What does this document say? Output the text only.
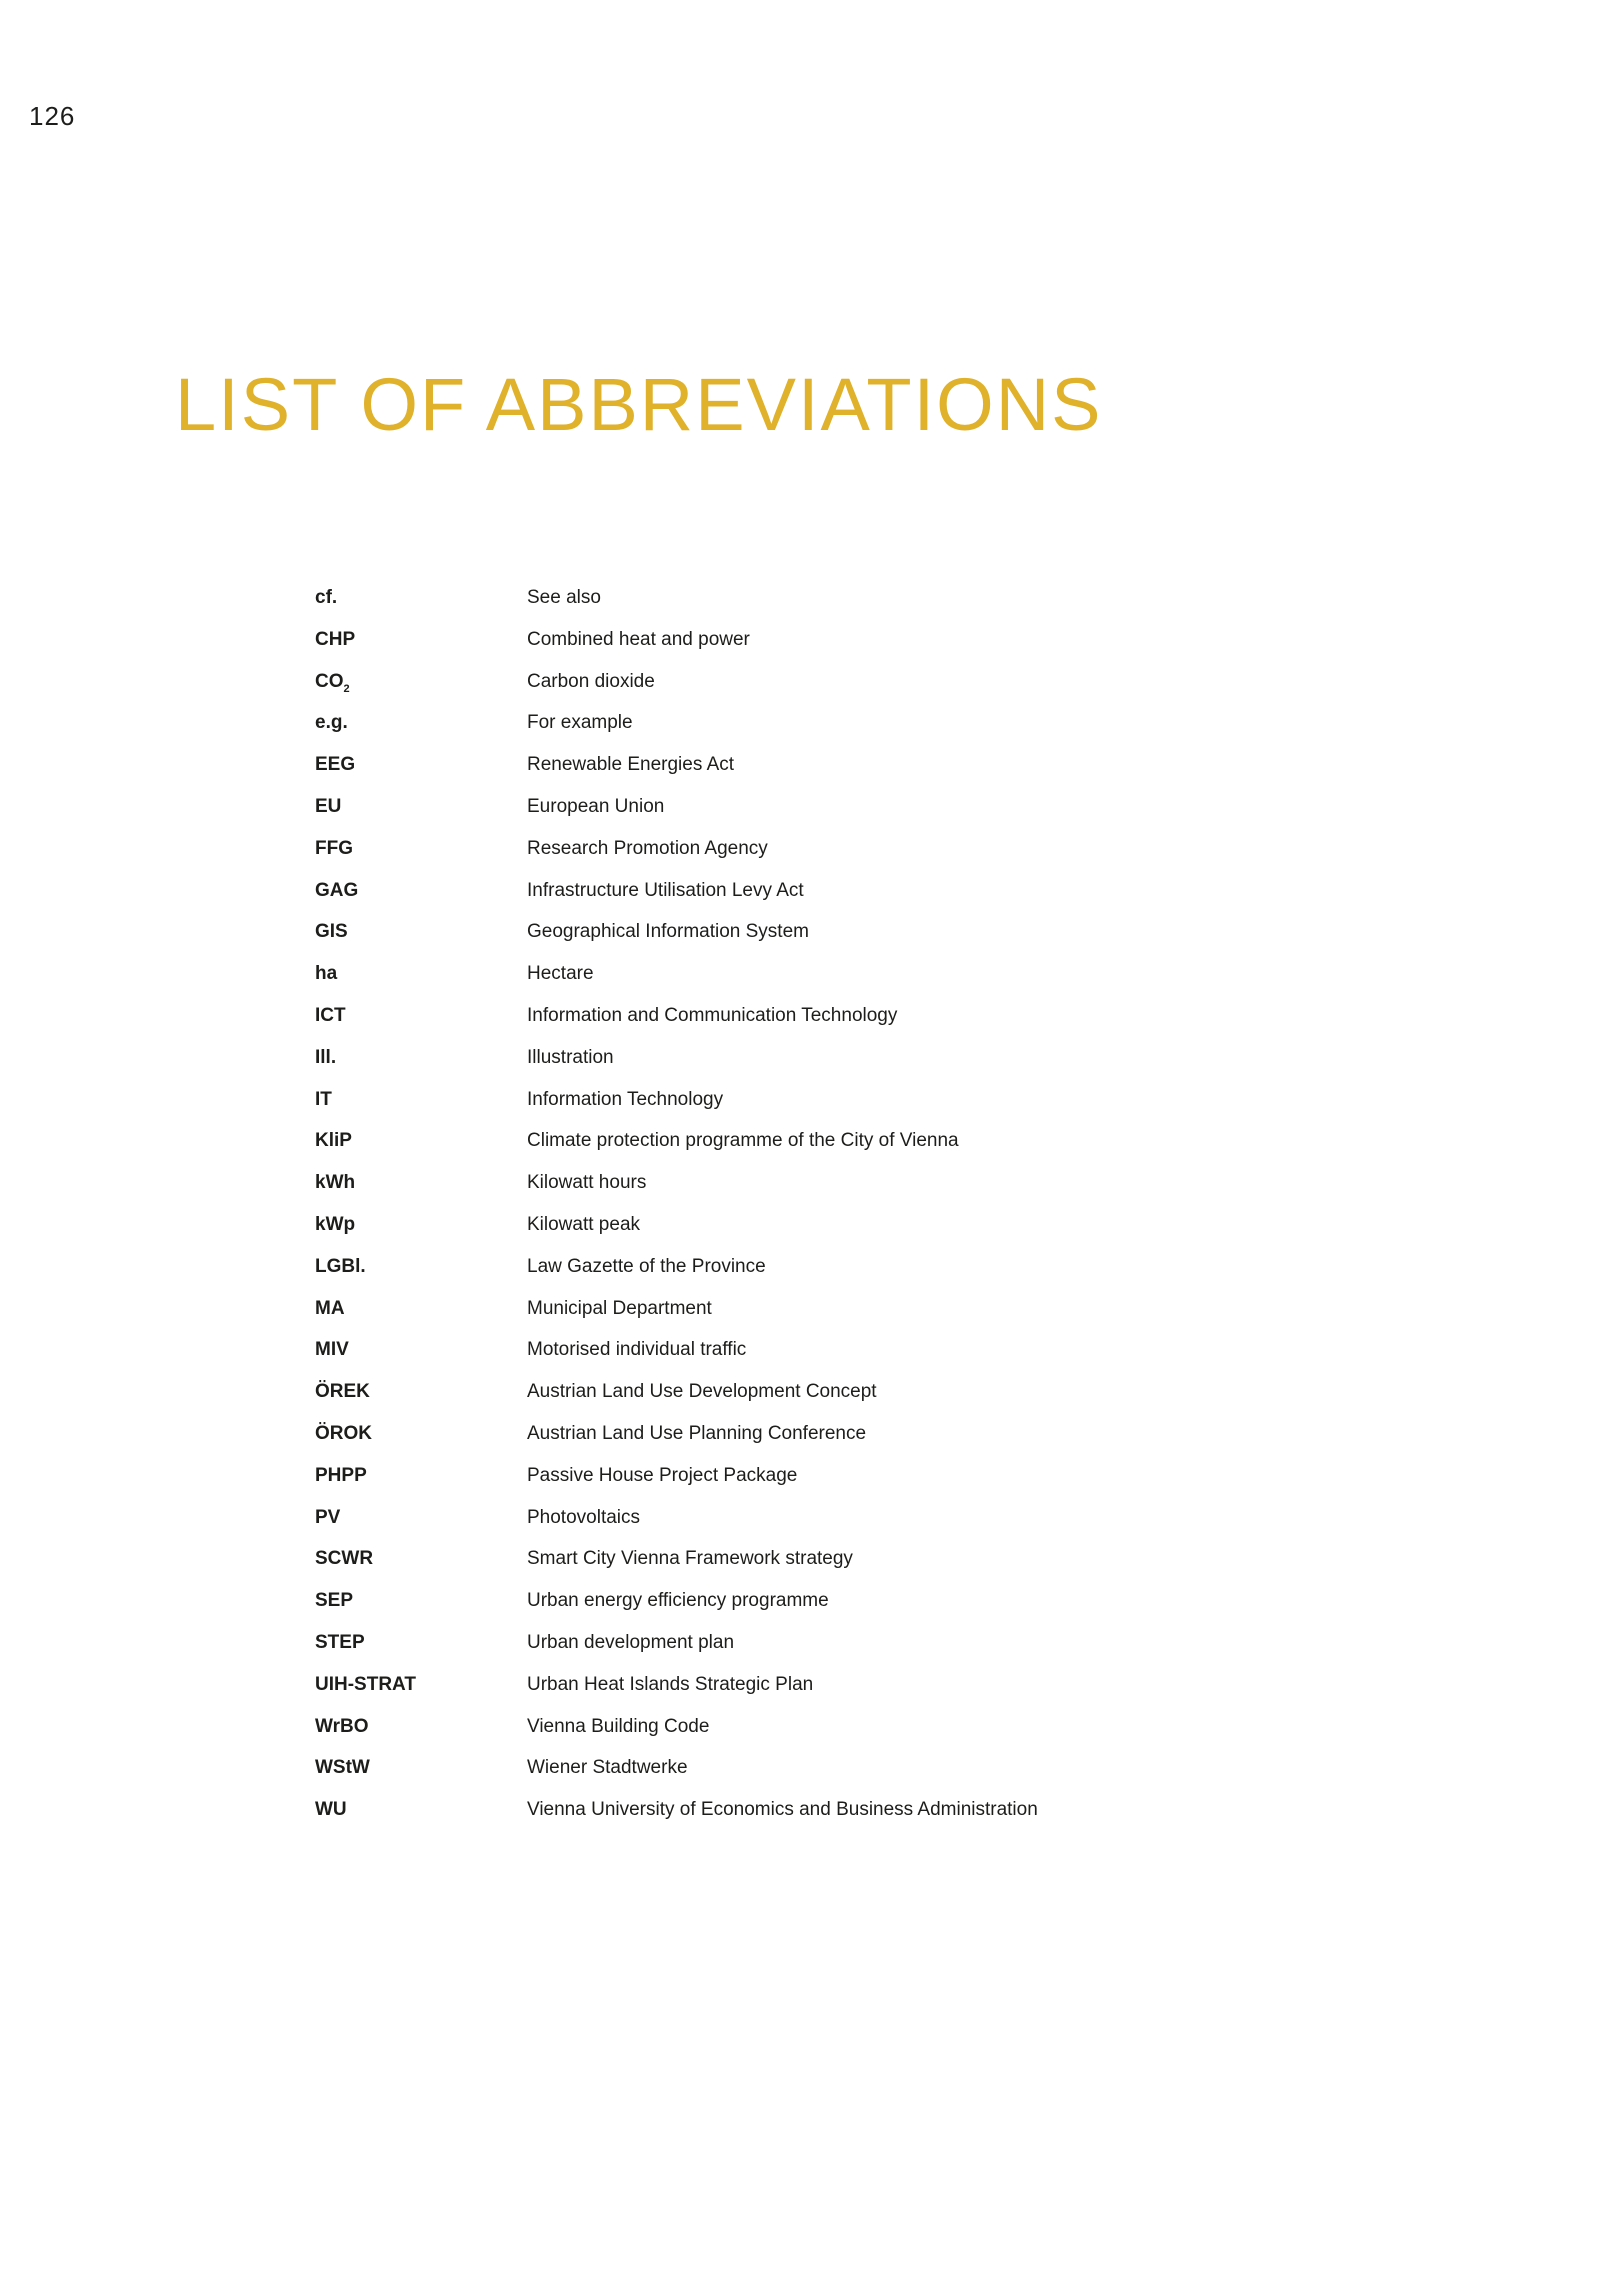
126
LIST OF ABBREVIATIONS
cf.	See also
CHP	Combined heat and power
$CO_2$	Carbon dioxide
e.g.	For example
EEG	Renewable Energies Act
EU	European Union
FFG	Research Promotion Agency
GAG	Infrastructure Utilisation Levy Act
GIS	Geographical Information System
ha	Hectare
ICT	Information and Communication Technology
Ill.	Illustration
IT	Information Technology
KliP	Climate protection programme of the City of Vienna
kWh	Kilowatt hours
kWp	Kilowatt peak
LGBl.	Law Gazette of the Province
MA	Municipal Department
MIV	Motorised individual traffic
ÖREK	Austrian Land Use Development Concept
ÖROK	Austrian Land Use Planning Conference
PHPP	Passive House Project Package
PV	Photovoltaics
SCWR	Smart City Vienna Framework strategy
SEP	Urban energy efficiency programme
STEP	Urban development plan
UIH-STRAT	Urban Heat Islands Strategic Plan
WrBO	Vienna Building Code
WStW	Wiener Stadtwerke
WU	Vienna University of Economics and Business Administration
